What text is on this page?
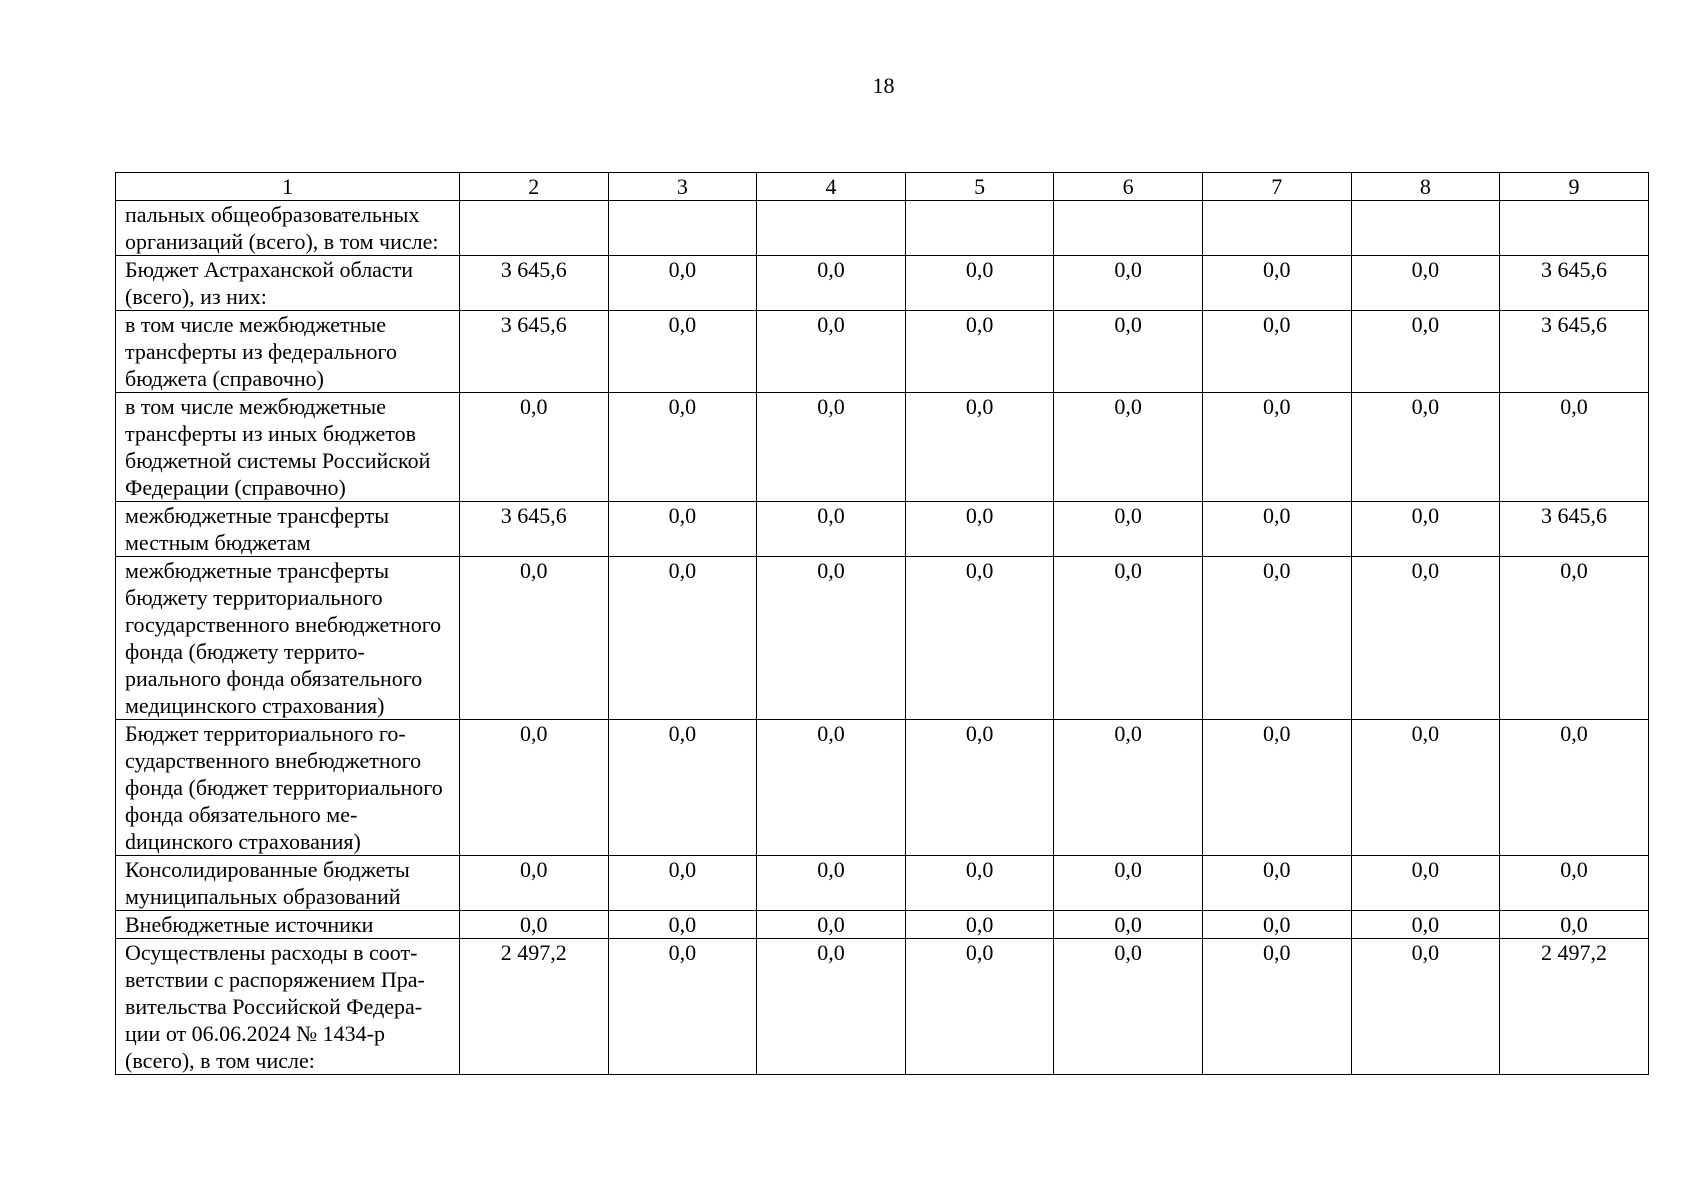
18
1	2	3	4	5	6	7	8	9
пальных общеобразовательных организаций (всего), в том числе:								
Бюджет Астраханской области (всего), из них:	3 645,6	0,0	0,0	0,0	0,0	0,0	0,0	3 645,6
в том числе межбюджетные трансферты из федерального бюджета (справочно)	3 645,6	0,0	0,0	0,0	0,0	0,0	0,0	3 645,6
в том числе межбюджетные трансферты из иных бюджетов бюджетной системы Российской Федерации (справочно)	0,0	0,0	0,0	0,0	0,0	0,0	0,0	0,0
межбюджетные трансферты местным бюджетам	3 645,6	0,0	0,0	0,0	0,0	0,0	0,0	3 645,6
межбюджетные трансферты бюджету территориального государственного внебюджетного фонда (бюджету территориального фонда обязательного медицинского страхования)	0,0	0,0	0,0	0,0	0,0	0,0	0,0	0,0
Бюджет территориального государственного внебюджетного фонда (бюджет территориального фонда обязательного меdицинского страхования)	0,0	0,0	0,0	0,0	0,0	0,0	0,0	0,0
Консолидированные бюджеты муниципальных образований	0,0	0,0	0,0	0,0	0,0	0,0	0,0	0,0
Внебюджетные источники	0,0	0,0	0,0	0,0	0,0	0,0	0,0	0,0
Осуществлены расходы в соответствии с распоряжением Правительства Российской Федерации от 06.06.2024 № 1434-р (всего), в том числе:	2 497,2	0,0	0,0	0,0	0,0	0,0	0,0	2 497,2
